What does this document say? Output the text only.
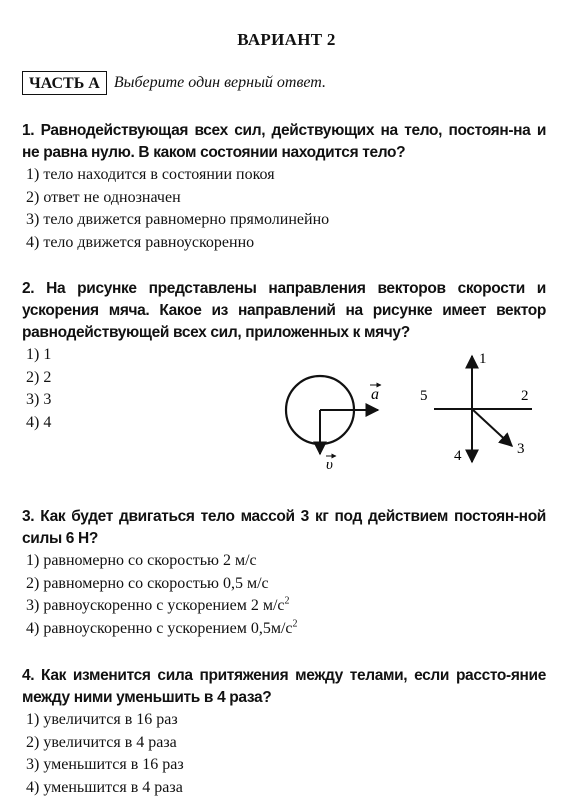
ВАРИАНТ 2
ЧАСТЬ А Выберите один верный ответ.

1. Равнодействующая всех сил, действующих на тело, постоян-на и не равна нулю. В каком состоянии находится тело?

1) тело находится в состоянии покоя
2) ответ не однозначен
3) тело движется равномерно прямолинейно
4) тело движется равноускоренно

2. На рисунке представлены направления векторов скорости и ускорения мяча. Какое из направлений на рисунке имеет вектор равнодействующей всех сил, приложенных к мячу?

1) 1
2) 2
3) 3
4) 4
a
υ
1
2
3
4
5

3. Как будет двигаться тело массой 3 кг под действием постоян-ной силы 6 Н?

1) равномерно со скоростью 2 м/с
2) равномерно со скоростью 0,5 м/с
3) равноускоренно с ускорением 2 $м/с^2$
4) равноускоренно с ускорением $0,5м/с^2$

4. Как изменится сила притяжения между телами, если рассто-яние между ними уменьшить в 4 раза?

1) увеличится в 16 раз
2) увеличится в 4 раза
3) уменьшится в 16 раз
4) уменьшится в 4 раза
